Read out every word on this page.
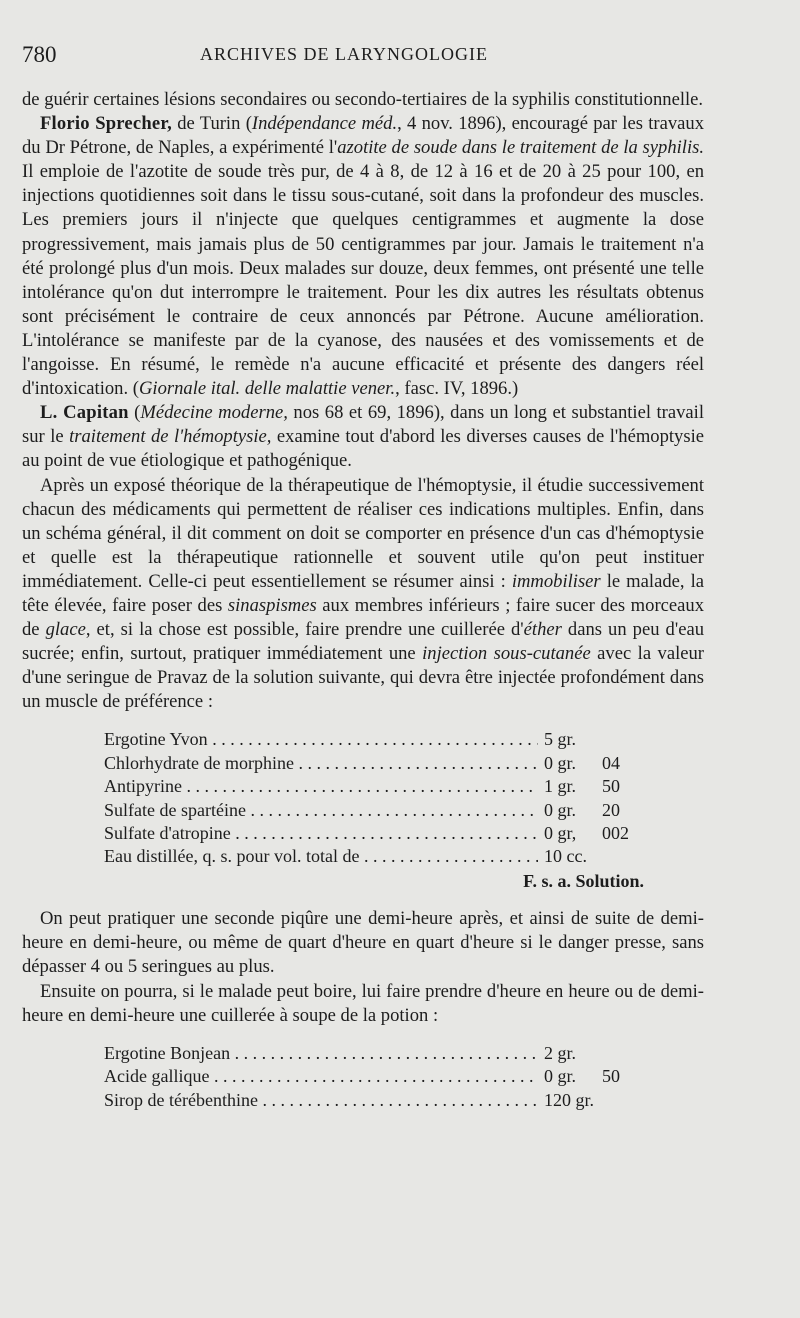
780	ARCHIVES DE LARYNGOLOGIE

de guérir certaines lésions secondaires ou secondo-tertiaires de la syphilis constitutionnelle.

Florio Sprecher, de Turin (Indépendance méd., 4 nov. 1896), encouragé par les travaux du Dr Pétrone, de Naples, a expérimenté l'azotite de soude dans le traitement de la syphilis. Il emploie de l'azotite de soude très pur, de 4 à 8, de 12 à 16 et de 20 à 25 pour 100, en injections quotidiennes soit dans le tissu sous-cutané, soit dans la profondeur des muscles. Les premiers jours il n'injecte que quelques centigrammes et augmente la dose progressivement, mais jamais plus de 50 centigrammes par jour. Jamais le traitement n'a été prolongé plus d'un mois. Deux malades sur douze, deux femmes, ont présenté une telle intolérance qu'on dut interrompre le traitement. Pour les dix autres les résultats obtenus sont précisément le contraire de ceux annoncés par Pétrone. Aucune amélioration. L'intolérance se manifeste par de la cyanose, des nausées et des vomissements et de l'angoisse. En résumé, le remède n'a aucune efficacité et présente des dangers réel d'intoxication. (Giornale ital. delle malattie vener., fasc. IV, 1896.)

L. Capitan (Médecine moderne, nos 68 et 69, 1896), dans un long et substantiel travail sur le traitement de l'hémoptysie, examine tout d'abord les diverses causes de l'hémoptysie au point de vue étiologique et pathogénique.

Après un exposé théorique de la thérapeutique de l'hémoptysie, il étudie successivement chacun des médicaments qui permettent de réaliser ces indications multiples. Enfin, dans un schéma général, il dit comment on doit se comporter en présence d'un cas d'hémoptysie et quelle est la thérapeutique rationnelle et souvent utile qu'on peut instituer immédiatement. Celle-ci peut essentiellement se résumer ainsi : immobiliser le malade, la tête élevée, faire poser des sinaspismes aux membres inférieurs ; faire sucer des morceaux de glace, et, si la chose est possible, faire prendre une cuillerée d'éther dans un peu d'eau sucrée; enfin, surtout, pratiquer immédiatement une injection sous-cutanée avec la valeur d'une seringue de Pravaz de la solution suivante, qui devra être injectée profondément dans un muscle de préférence :

Ergotine Yvon . . .	5 gr.
Chlorhydrate de morphine . . .	0 gr. 04
Antipyrine . . .	1 gr. 50
Sulfate de spartéine . . .	0 gr. 20
Sulfate d'atropine . . .	0 gr, 002
Eau distillée, q. s. pour vol. total de . . .	10 cc.
F. s. a. Solution.

On peut pratiquer une seconde piqûre une demi-heure après, et ainsi de suite de demi-heure en demi-heure, ou même de quart d'heure en quart d'heure si le danger presse, sans dépasser 4 ou 5 seringues au plus.

Ensuite on pourra, si le malade peut boire, lui faire prendre d'heure en heure ou de demi-heure en demi-heure une cuillerée à soupe de la potion :

Ergotine Bonjean . . .	2 gr.
Acide gallique . . .	0 gr. 50
Sirop de térébenthine . . .	120 gr.
